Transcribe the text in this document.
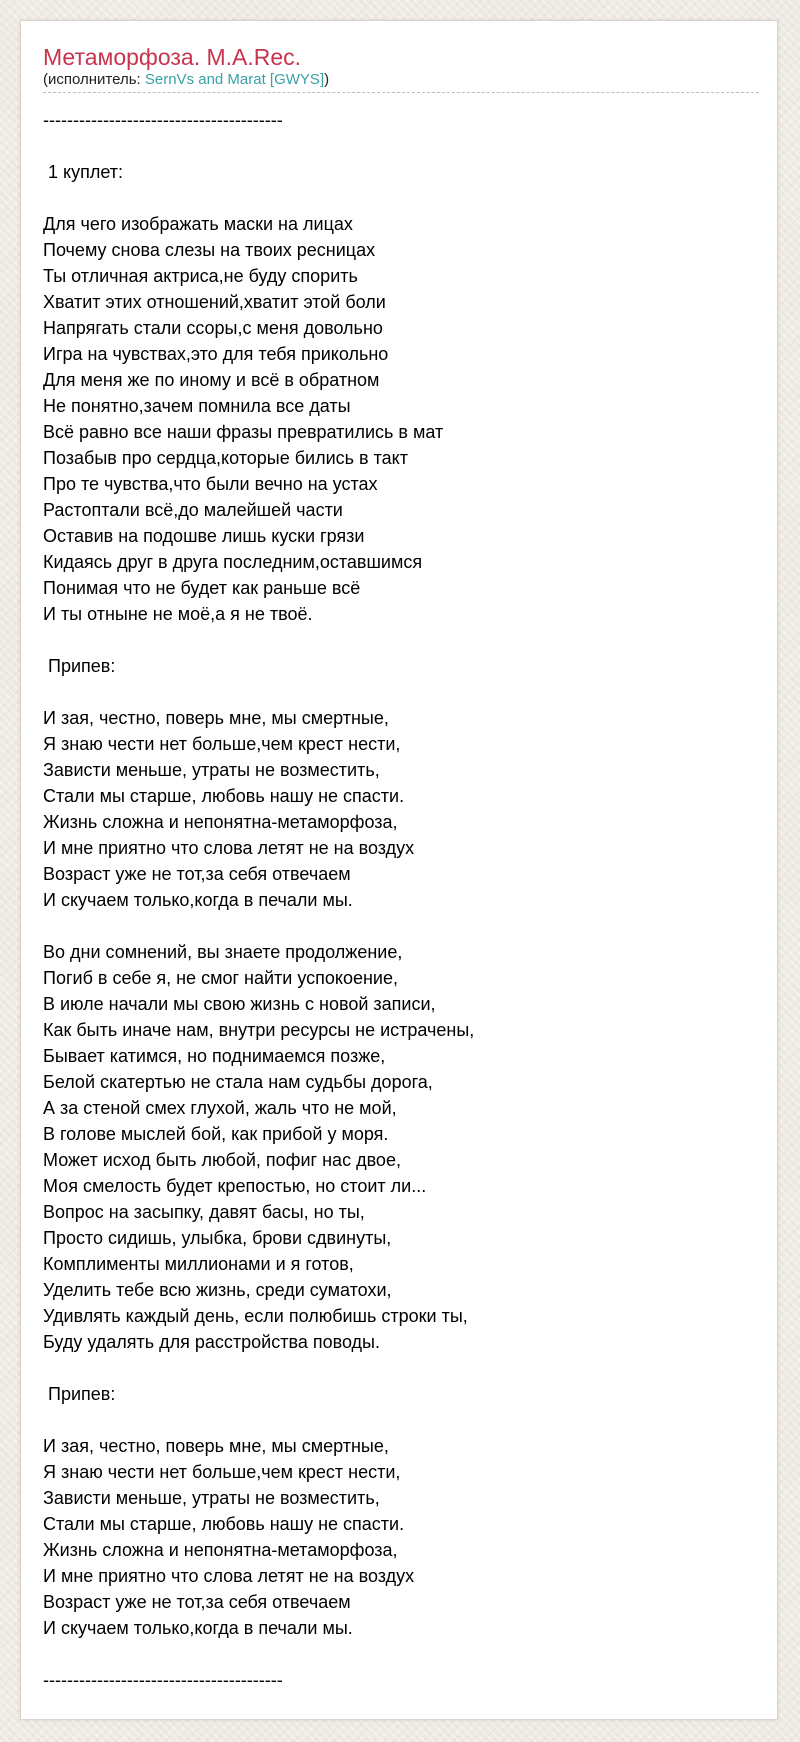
Метаморфоза. M.A.Rec.
(исполнитель: SernVs and Marat [GWYS])
----------------------------------------
1 куплет:
Для чего изображать маски на лицах
Почему снова слезы на твоих ресницах
Ты отличная актриса,не буду спорить
Хватит этих отношений,хватит этой боли
Напрягать стали ссоры,с меня довольно
Игра на чувствах,это для тебя прикольно
Для меня же по иному и всё в обратном
Не понятно,зачем помнила все даты
Всё равно все наши фразы превратились в мат
Позабыв про сердца,которые бились в такт
Про те чувства,что были вечно на устах
Растоптали всё,до малейшей части
Оставив на подошве лишь куски грязи
Кидаясь друг в друга последним,оставшимся
Понимая что не будет как раньше всё
И ты отныне не моё,а я не твоё.
Припев:
И зая, честно, поверь мне, мы смертные,
Я знаю чести нет больше,чем крест нести,
Зависти меньше, утраты не возместить,
Стали мы старше, любовь нашу не спасти.
Жизнь сложна и непонятна-метаморфоза,
И мне приятно что слова летят не на воздух
Возраст уже не тот,за себя отвечаем
И скучаем только,когда в печали мы.
Во дни сомнений, вы знаете продолжение,
Погиб в себе я, не смог найти успокоение,
В июле начали мы свою жизнь с новой записи,
Как быть иначе нам, внутри ресурсы не истрачены,
Бывает катимся, но поднимаемся позже,
Белой скатертью не стала нам судьбы дорога,
А за стеной смех глухой, жаль что не мой,
В голове мыслей бой, как прибой у моря.
Может исход быть любой, пофиг нас двое,
Моя смелость будет крепостью, но стоит ли...
Вопрос на засыпку, давят басы, но ты,
Просто сидишь, улыбка, брови сдвинуты,
Комплименты миллионами и я готов,
Уделить тебе всю жизнь, среди суматохи,
Удивлять каждый день, если полюбишь строки ты,
Буду удалять для расстройства поводы.
Припев:
И зая, честно, поверь мне, мы смертные,
Я знаю чести нет больше,чем крест нести,
Зависти меньше, утраты не возместить,
Стали мы старше, любовь нашу не спасти.
Жизнь сложна и непонятна-метаморфоза,
И мне приятно что слова летят не на воздух
Возраст уже не тот,за себя отвечаем
И скучаем только,когда в печали мы.
----------------------------------------
